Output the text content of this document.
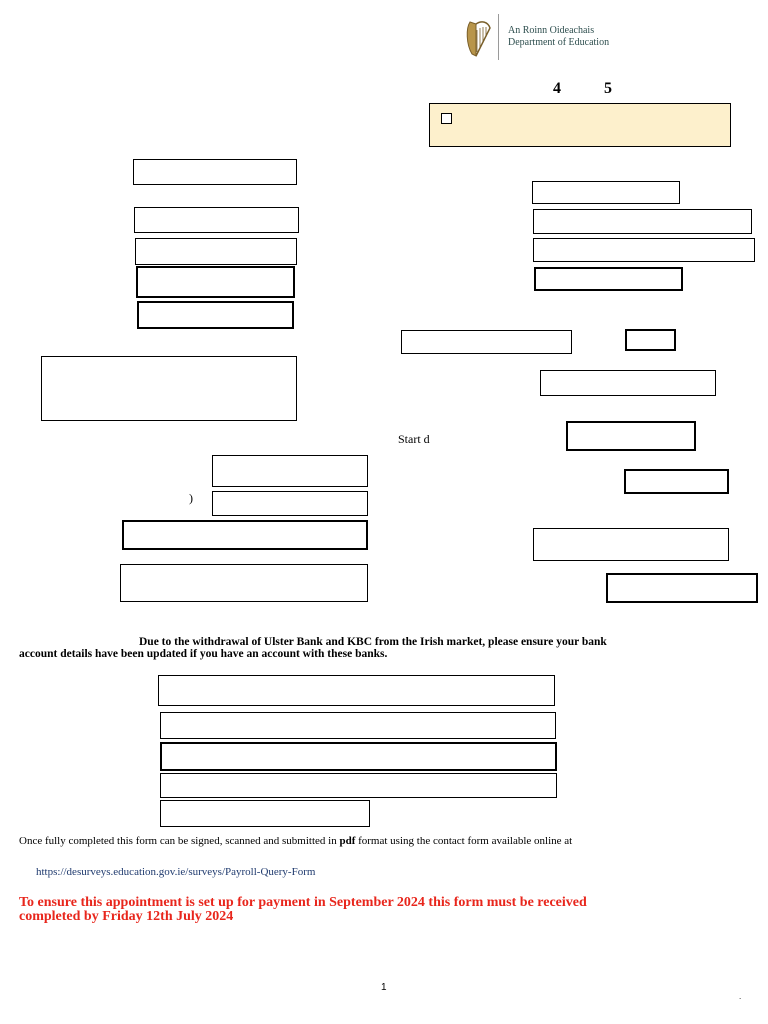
An Roinn Oideachais
Department of Education
4	5
Start d
)
Due to the withdrawal of Ulster Bank and KBC from the Irish market, please ensure your bank
account details have been updated if you have an account with these banks.
Once fully completed this form can be signed, scanned and submitted in pdf format using the contact form available online at
https://desurveys.education.gov.ie/surveys/Payroll-Query-Form
To ensure this appointment is set up for payment in September 2024 this form must be received
completed by Friday 12th July 2024
1
.
